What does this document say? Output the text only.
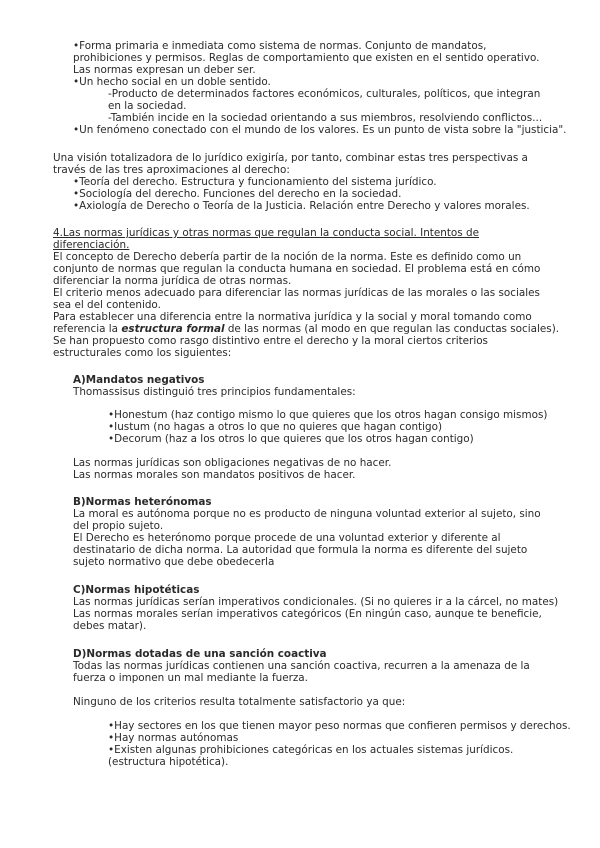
•Forma primaria e inmediata como sistema de normas. Conjunto de mandatos,
prohibiciones y permisos. Reglas de comportamiento que existen en el sentido operativo.
Las normas expresan un deber ser.
•Un hecho social en un doble sentido.
-Producto de determinados factores económicos, culturales, políticos, que integran
en la sociedad.
-También incide en la sociedad orientando a sus miembros, resolviendo conflictos...
•Un fenómeno conectado con el mundo de los valores. Es un punto de vista sobre la "justicia".
Una visión totalizadora de lo jurídico exigiría, por tanto, combinar estas tres perspectivas a
través de las tres aproximaciones al derecho:
•Teoría del derecho. Estructura y funcionamiento del sistema jurídico.
•Sociología del derecho. Funciones del derecho en la sociedad.
•Axiología de Derecho o Teoría de la Justicia. Relación entre Derecho y valores morales.
4.Las normas jurídicas y otras normas que regulan la conducta social. Intentos de
diferenciación.
El concepto de Derecho debería partir de la noción de la norma. Este es definido como un
conjunto de normas que regulan la conducta humana en sociedad. El problema está en cómo
diferenciar la norma jurídica de otras normas.
El criterio menos adecuado para diferenciar las normas jurídicas de las morales o las sociales
sea el del contenido.
Para establecer una diferencia entre la normativa jurídica y la social y moral tomando como
referencia la estructura formal de las normas (al modo en que regulan las conductas sociales).
Se han propuesto como rasgo distintivo entre el derecho y la moral ciertos criterios
estructurales como los siguientes:
A)Mandatos negativos
Thomassisus distinguió tres principios fundamentales:
•Honestum (haz contigo mismo lo que quieres que los otros hagan consigo mismos)
•Iustum (no hagas a otros lo que no quieres que hagan contigo)
•Decorum (haz a los otros lo que quieres que los otros hagan contigo)
Las normas jurídicas son obligaciones negativas de no hacer.
Las normas morales son mandatos positivos de hacer.
B)Normas heterónomas
La moral es autónoma porque no es producto de ninguna voluntad exterior al sujeto, sino
del propio sujeto.
El Derecho es heterónomo porque procede de una voluntad exterior y diferente al
destinatario de dicha norma. La autoridad que formula la norma es diferente del sujeto
sujeto normativo que debe obedecerla
C)Normas hipotéticas
Las normas jurídicas serían imperativos condicionales. (Si no quieres ir a la cárcel, no mates)
Las normas morales serían imperativos categóricos (En ningún caso, aunque te beneficie,
debes matar).
D)Normas dotadas de una sanción coactiva
Todas las normas jurídicas contienen una sanción coactiva, recurren a la amenaza de la
fuerza o imponen un mal mediante la fuerza.
Ninguno de los criterios resulta totalmente satisfactorio ya que:
•Hay sectores en los que tienen mayor peso normas que confieren permisos y derechos.
•Hay normas autónomas
•Existen algunas prohibiciones categóricas en los actuales sistemas jurídicos.
(estructura hipotética).
